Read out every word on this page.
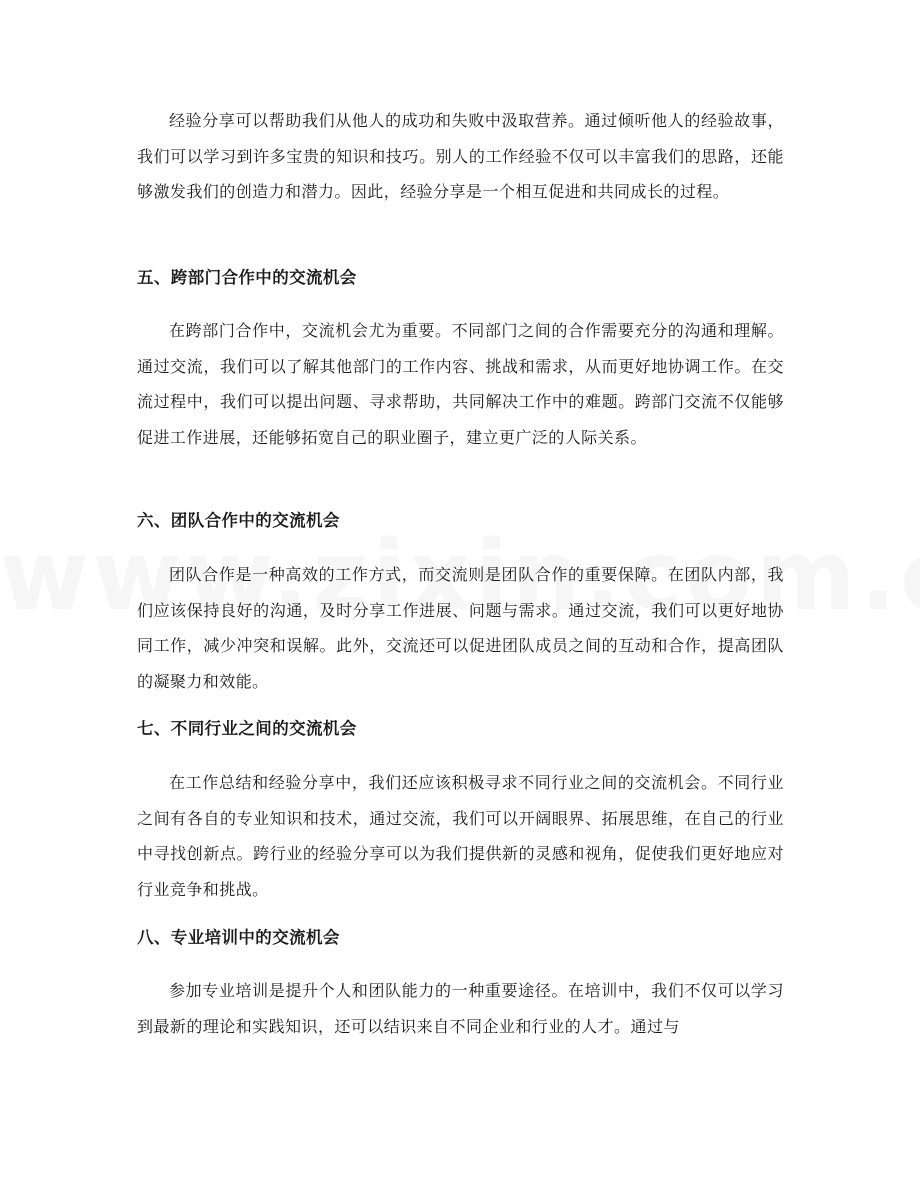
经验分享可以帮助我们从他人的成功和失败中汲取营养。通过倾听他人的经验故事，我们可以学习到许多宝贵的知识和技巧。别人的工作经验不仅可以丰富我们的思路，还能够激发我们的创造力和潜力。因此，经验分享是一个相互促进和共同成长的过程。

五、跨部门合作中的交流机会

在跨部门合作中，交流机会尤为重要。不同部门之间的合作需要充分的沟通和理解。通过交流，我们可以了解其他部门的工作内容、挑战和需求，从而更好地协调工作。在交流过程中，我们可以提出问题、寻求帮助，共同解决工作中的难题。跨部门交流不仅能够促进工作进展，还能够拓宽自己的职业圈子，建立更广泛的人际关系。

六、团队合作中的交流机会

团队合作是一种高效的工作方式，而交流则是团队合作的重要保障。在团队内部，我们应该保持良好的沟通，及时分享工作进展、问题与需求。通过交流，我们可以更好地协同工作，减少冲突和误解。此外，交流还可以促进团队成员之间的互动和合作，提高团队的凝聚力和效能。

七、不同行业之间的交流机会

在工作总结和经验分享中，我们还应该积极寻求不同行业之间的交流机会。不同行业之间有各自的专业知识和技术，通过交流，我们可以开阔眼界、拓展思维，在自己的行业中寻找创新点。跨行业的经验分享可以为我们提供新的灵感和视角，促使我们更好地应对行业竞争和挑战。

八、专业培训中的交流机会

参加专业培训是提升个人和团队能力的一种重要途径。在培训中，我们不仅可以学习到最新的理论和实践知识，还可以结识来自不同企业和行业的人才。通过与
